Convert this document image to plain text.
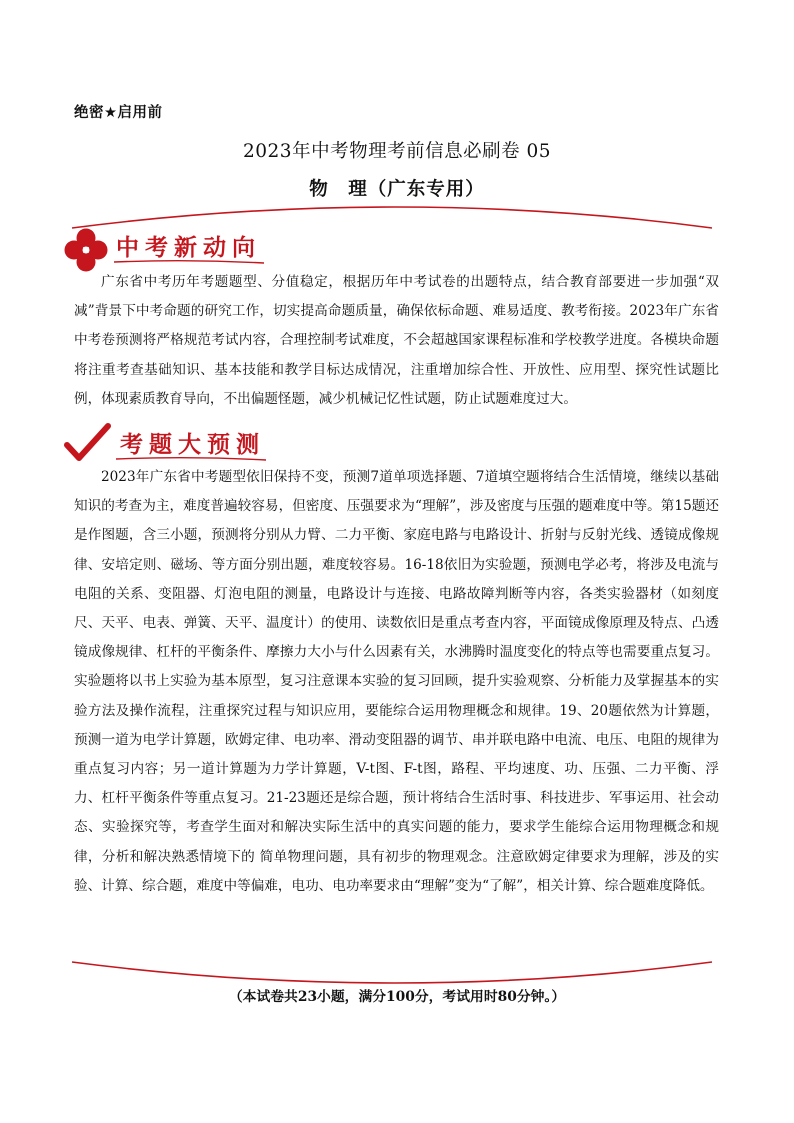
绝密★启用前
2023年中考物理考前信息必刷卷 05
物　理（广东专用）
中考新动向
广东省中考历年考题题型、分值稳定，根据历年中考试卷的出题特点，结合教育部要进一步加强“双减”背景下中考命题的研究工作，切实提高命题质量，确保依标命题、难易适度、教考衔接。2023年广东省中考卷预测将严格规范考试内容，合理控制考试难度，不会超越国家课程标准和学校教学进度。各模块命题将注重考查基础知识、基本技能和教学目标达成情况，注重增加综合性、开放性、应用型、探究性试题比例，体现素质教育导向，不出偏题怪题，减少机械记忆性试题，防止试题难度过大。
考题大预测
2023年广东省中考题型依旧保持不变，预测7道单项选择题、7道填空题将结合生活情境，继续以基础知识的考查为主，难度普遍较容易，但密度、压强要求为“理解”，涉及密度与压强的题难度中等。第15题还是作图题，含三小题，预测将分别从力臂、二力平衡、家庭电路与电路设计、折射与反射光线、透镜成像规律、安培定则、磁场、等方面分别出题，难度较容易。16-18依旧为实验题，预测电学必考，将涉及电流与电阻的关系、变阻器、灯泡电阻的测量，电路设计与连接、电路故障判断等内容，各类实验器材（如刻度尺、天平、电表、弹簧、天平、温度计）的使用、读数依旧是重点考查内容，平面镜成像原理及特点、凸透镜成像规律、杠杆的平衡条件、摩擦力大小与什么因素有关，水沸腾时温度变化的特点等也需要重点复习。实验题将以书上实验为基本原型，复习注意课本实验的复习回顾，提升实验观察、分析能力及掌握基本的实验方法及操作流程，注重探究过程与知识应用，要能综合运用物理概念和规律。19、20题依然为计算题，预测一道为电学计算题，欧姆定律、电功率、滑动变阻器的调节、串并联电路中电流、电压、电阻的规律为重点复习内容；另一道计算题为力学计算题，V-t图、F-t图，路程、平均速度、功、压强、二力平衡、浮力、杠杆平衡条件等重点复习。21-23题还是综合题，预计将结合生活时事、科技进步、军事运用、社会动态、实验探究等，考查学生面对和解决实际生活中的真实问题的能力，要求学生能综合运用物理概念和规律，分析和解决熟悉情境下的 简单物理问题，具有初步的物理观念。注意欧姆定律要求为理解，涉及的实验、计算、综合题，难度中等偏难，电功、电功率要求由“理解”变为“了解”，相关计算、综合题难度降低。
（本试卷共23小题，满分100分，考试用时80分钟。）
